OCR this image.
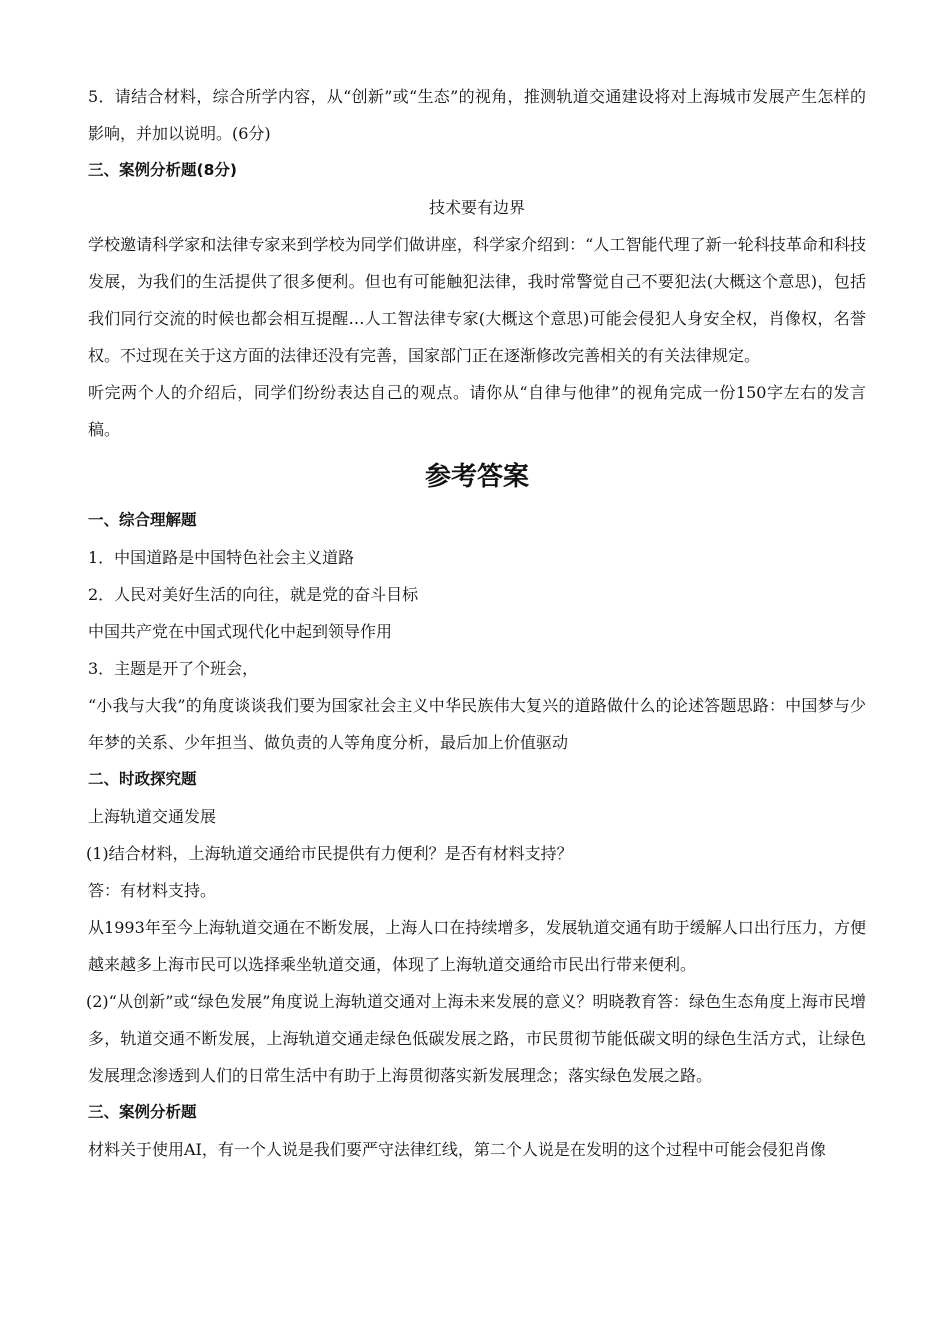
5．请结合材料，综合所学内容，从“创新”或“生态”的视角，推测轨道交通建设将对上海城市发展产生怎样的影响，并加以说明。(6分)

三、案例分析题(8分)

技术要有边界

学校邀请科学家和法律专家来到学校为同学们做讲座，科学家介绍到：“人工智能代理了新一轮科技革命和科技发展，为我们的生活提供了很多便利。但也有可能触犯法律，我时常警觉自己不要犯法(大概这个意思)，包括我们同行交流的时候也都会相互提醒…人工智法律专家(大概这个意思)可能会侵犯人身安全权，肖像权，名誉权。不过现在关于这方面的法律还没有完善，国家部门正在逐渐修改完善相关的有关法律规定。

听完两个人的介绍后，同学们纷纷表达自己的观点。请你从“自律与他律”的视角完成一份150字左右的发言稿。

参考答案

一、综合理解题

1．中国道路是中国特色社会主义道路

2．人民对美好生活的向往，就是党的奋斗目标

中国共产党在中国式现代化中起到领导作用

3．主题是开了个班会，

“小我与大我”的角度谈谈我们要为国家社会主义中华民族伟大复兴的道路做什么的论述答题思路：中国梦与少年梦的关系、少年担当、做负责的人等角度分析，最后加上价值驱动

二、时政探究题

上海轨道交通发展

(1)结合材料，上海轨道交通给市民提供有力便利？是否有材料支持？

答：有材料支持。

从1993年至今上海轨道交通在不断发展，上海人口在持续增多，发展轨道交通有助于缓解人口出行压力，方便越来越多上海市民可以选择乘坐轨道交通，体现了上海轨道交通给市民出行带来便利。

(2)“从创新”或“绿色发展”角度说上海轨道交通对上海未来发展的意义？明晓教育答：绿色生态角度上海市民增多，轨道交通不断发展，上海轨道交通走绿色低碳发展之路，市民贯彻节能低碳文明的绿色生活方式，让绿色发展理念渗透到人们的日常生活中有助于上海贯彻落实新发展理念；落实绿色发展之路。

三、案例分析题

材料关于使用AI，有一个人说是我们要严守法律红线，第二个人说是在发明的这个过程中可能会侵犯肖像
